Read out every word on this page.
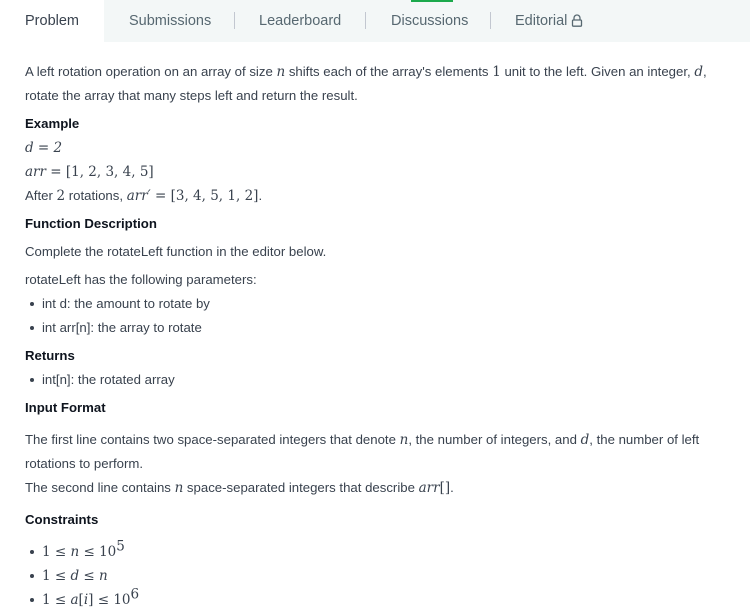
Problem	Submissions	Leaderboard	Discussions	Editorial

A left rotation operation on an array of size n shifts each of the array's elements 1 unit to the left. Given an integer, d, rotate the array that many steps left and return the result.

Example

d = 2

arr = [1, 2, 3, 4, 5]

After 2 rotations, arr′ = [3, 4, 5, 1, 2].

Function Description

Complete the rotateLeft function in the editor below.

rotateLeft has the following parameters:

int d: the amount to rotate by
int arr[n]: the array to rotate

Returns

int[n]: the rotated array

Input Format

The first line contains two space-separated integers that denote n, the number of integers, and d, the number of left rotations to perform.

The second line contains n space-separated integers that describe arr[].

Constraints

$1 \le n \le 10^5$
1 ≤ d ≤ n
$1 \le a[i] \le 10^6$
